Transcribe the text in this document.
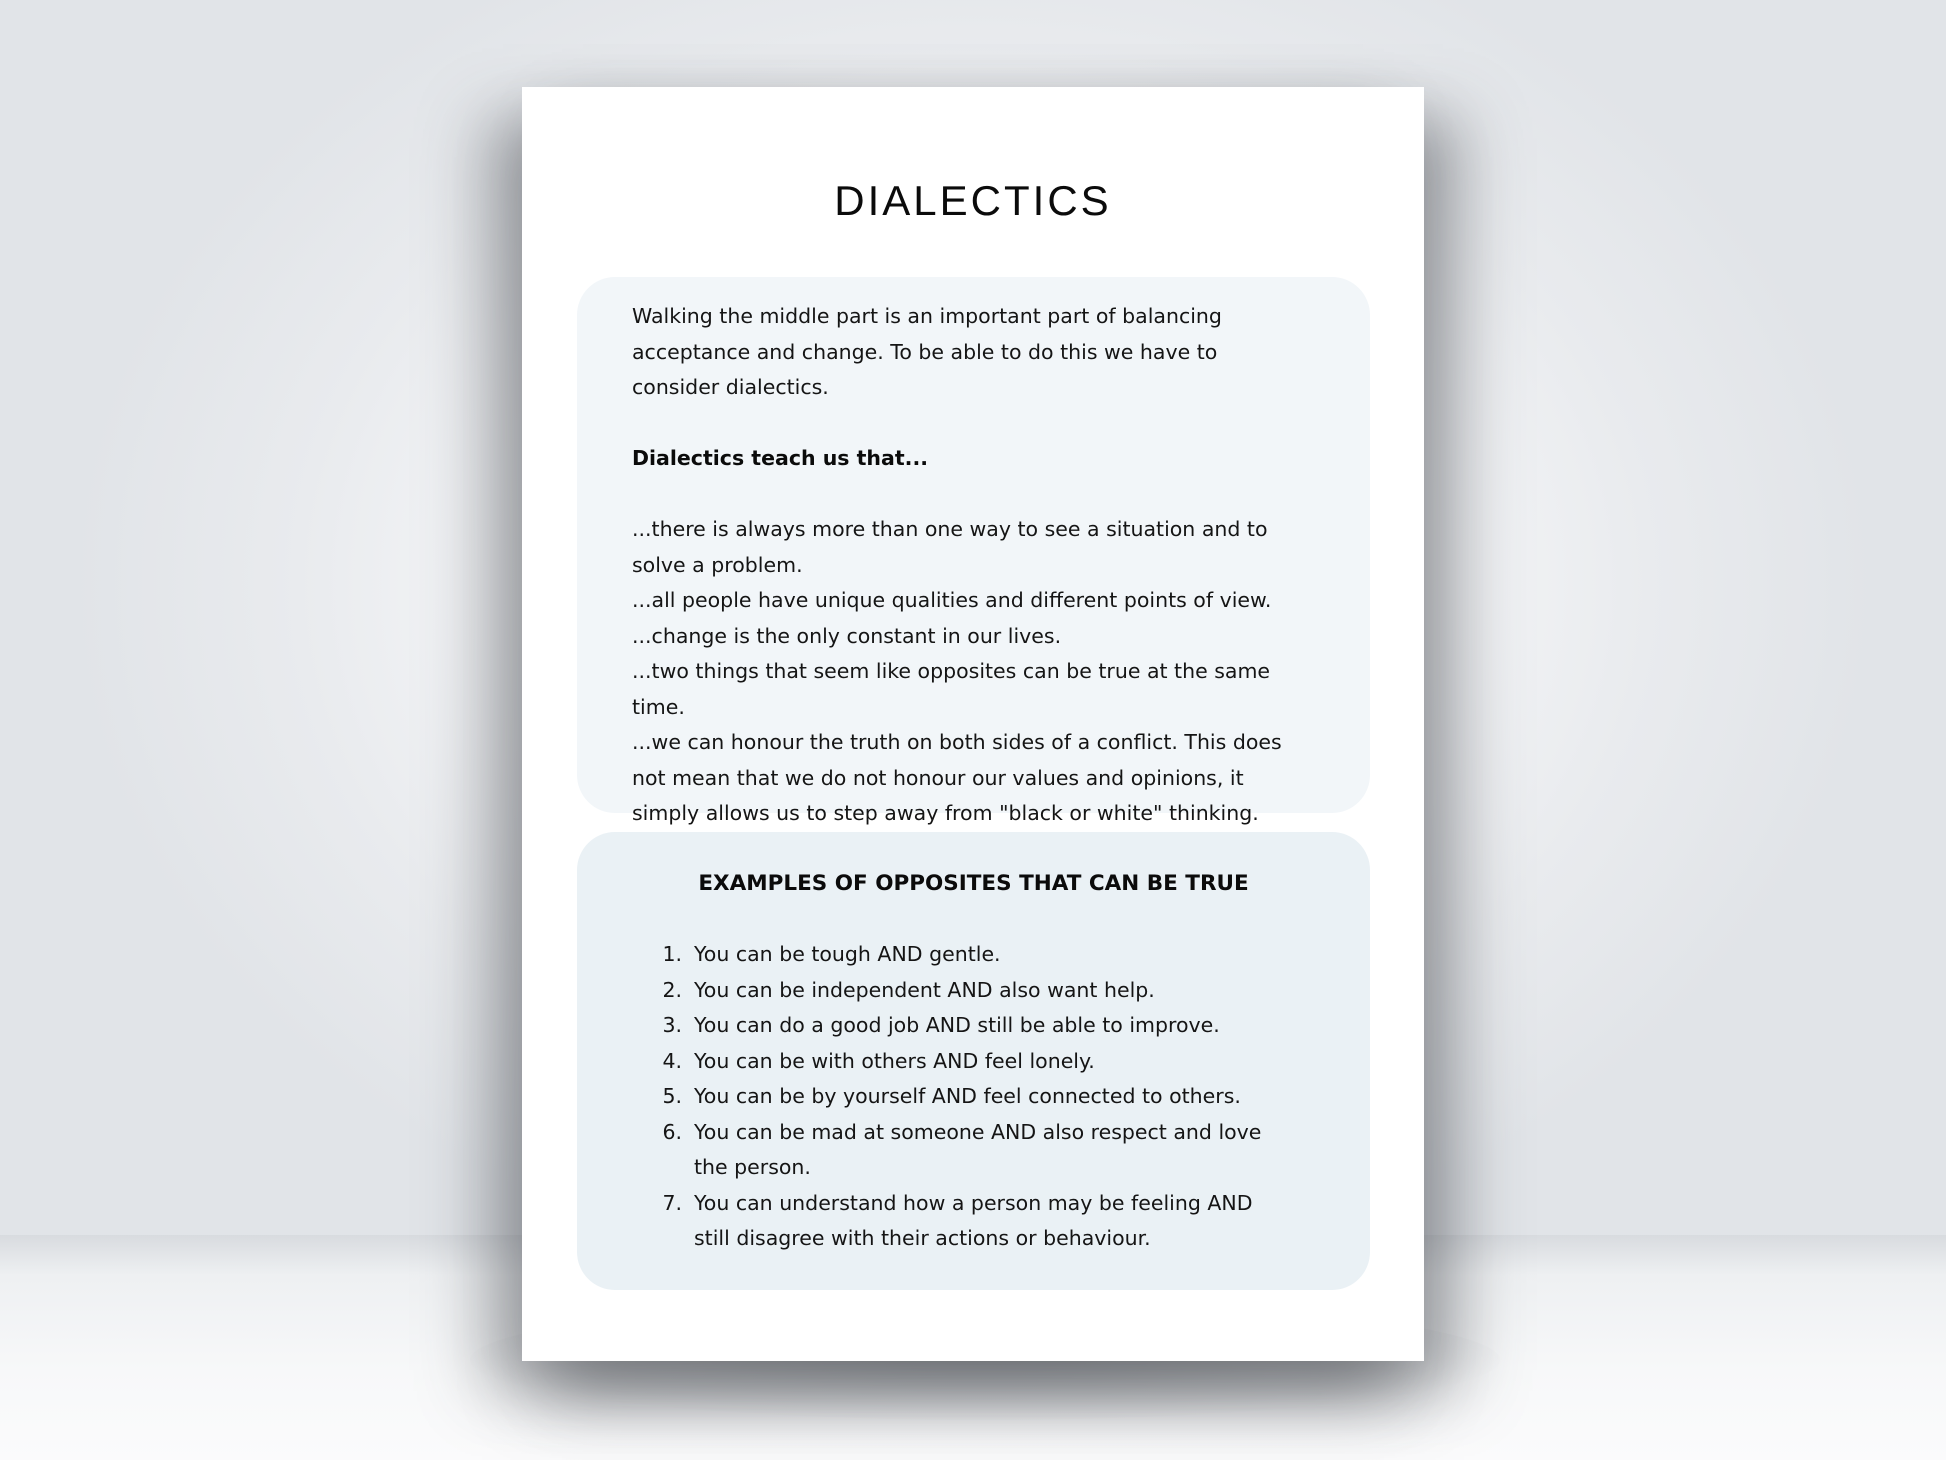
DIALECTICS

Walking the middle part is an important part of balancing acceptance and change. To be able to do this we have to consider dialectics.

Dialectics teach us that...

...there is always more than one way to see a situation and to solve a problem.
...all people have unique qualities and different points of view.
...change is the only constant in our lives.
...two things that seem like opposites can be true at the same time.
...we can honour the truth on both sides of a conflict. This does not mean that we do not honour our values and opinions, it simply allows us to step away from "black or white" thinking.
EXAMPLES OF OPPOSITES THAT CAN BE TRUE
1. You can be tough AND gentle.
2. You can be independent AND also want help.
3. You can do a good job AND still be able to improve.
4. You can be with others AND feel lonely.
5. You can be by yourself AND feel connected to others.
6. You can be mad at someone AND also respect and love the person.
7. You can understand how a person may be feeling AND still disagree with their actions or behaviour.
